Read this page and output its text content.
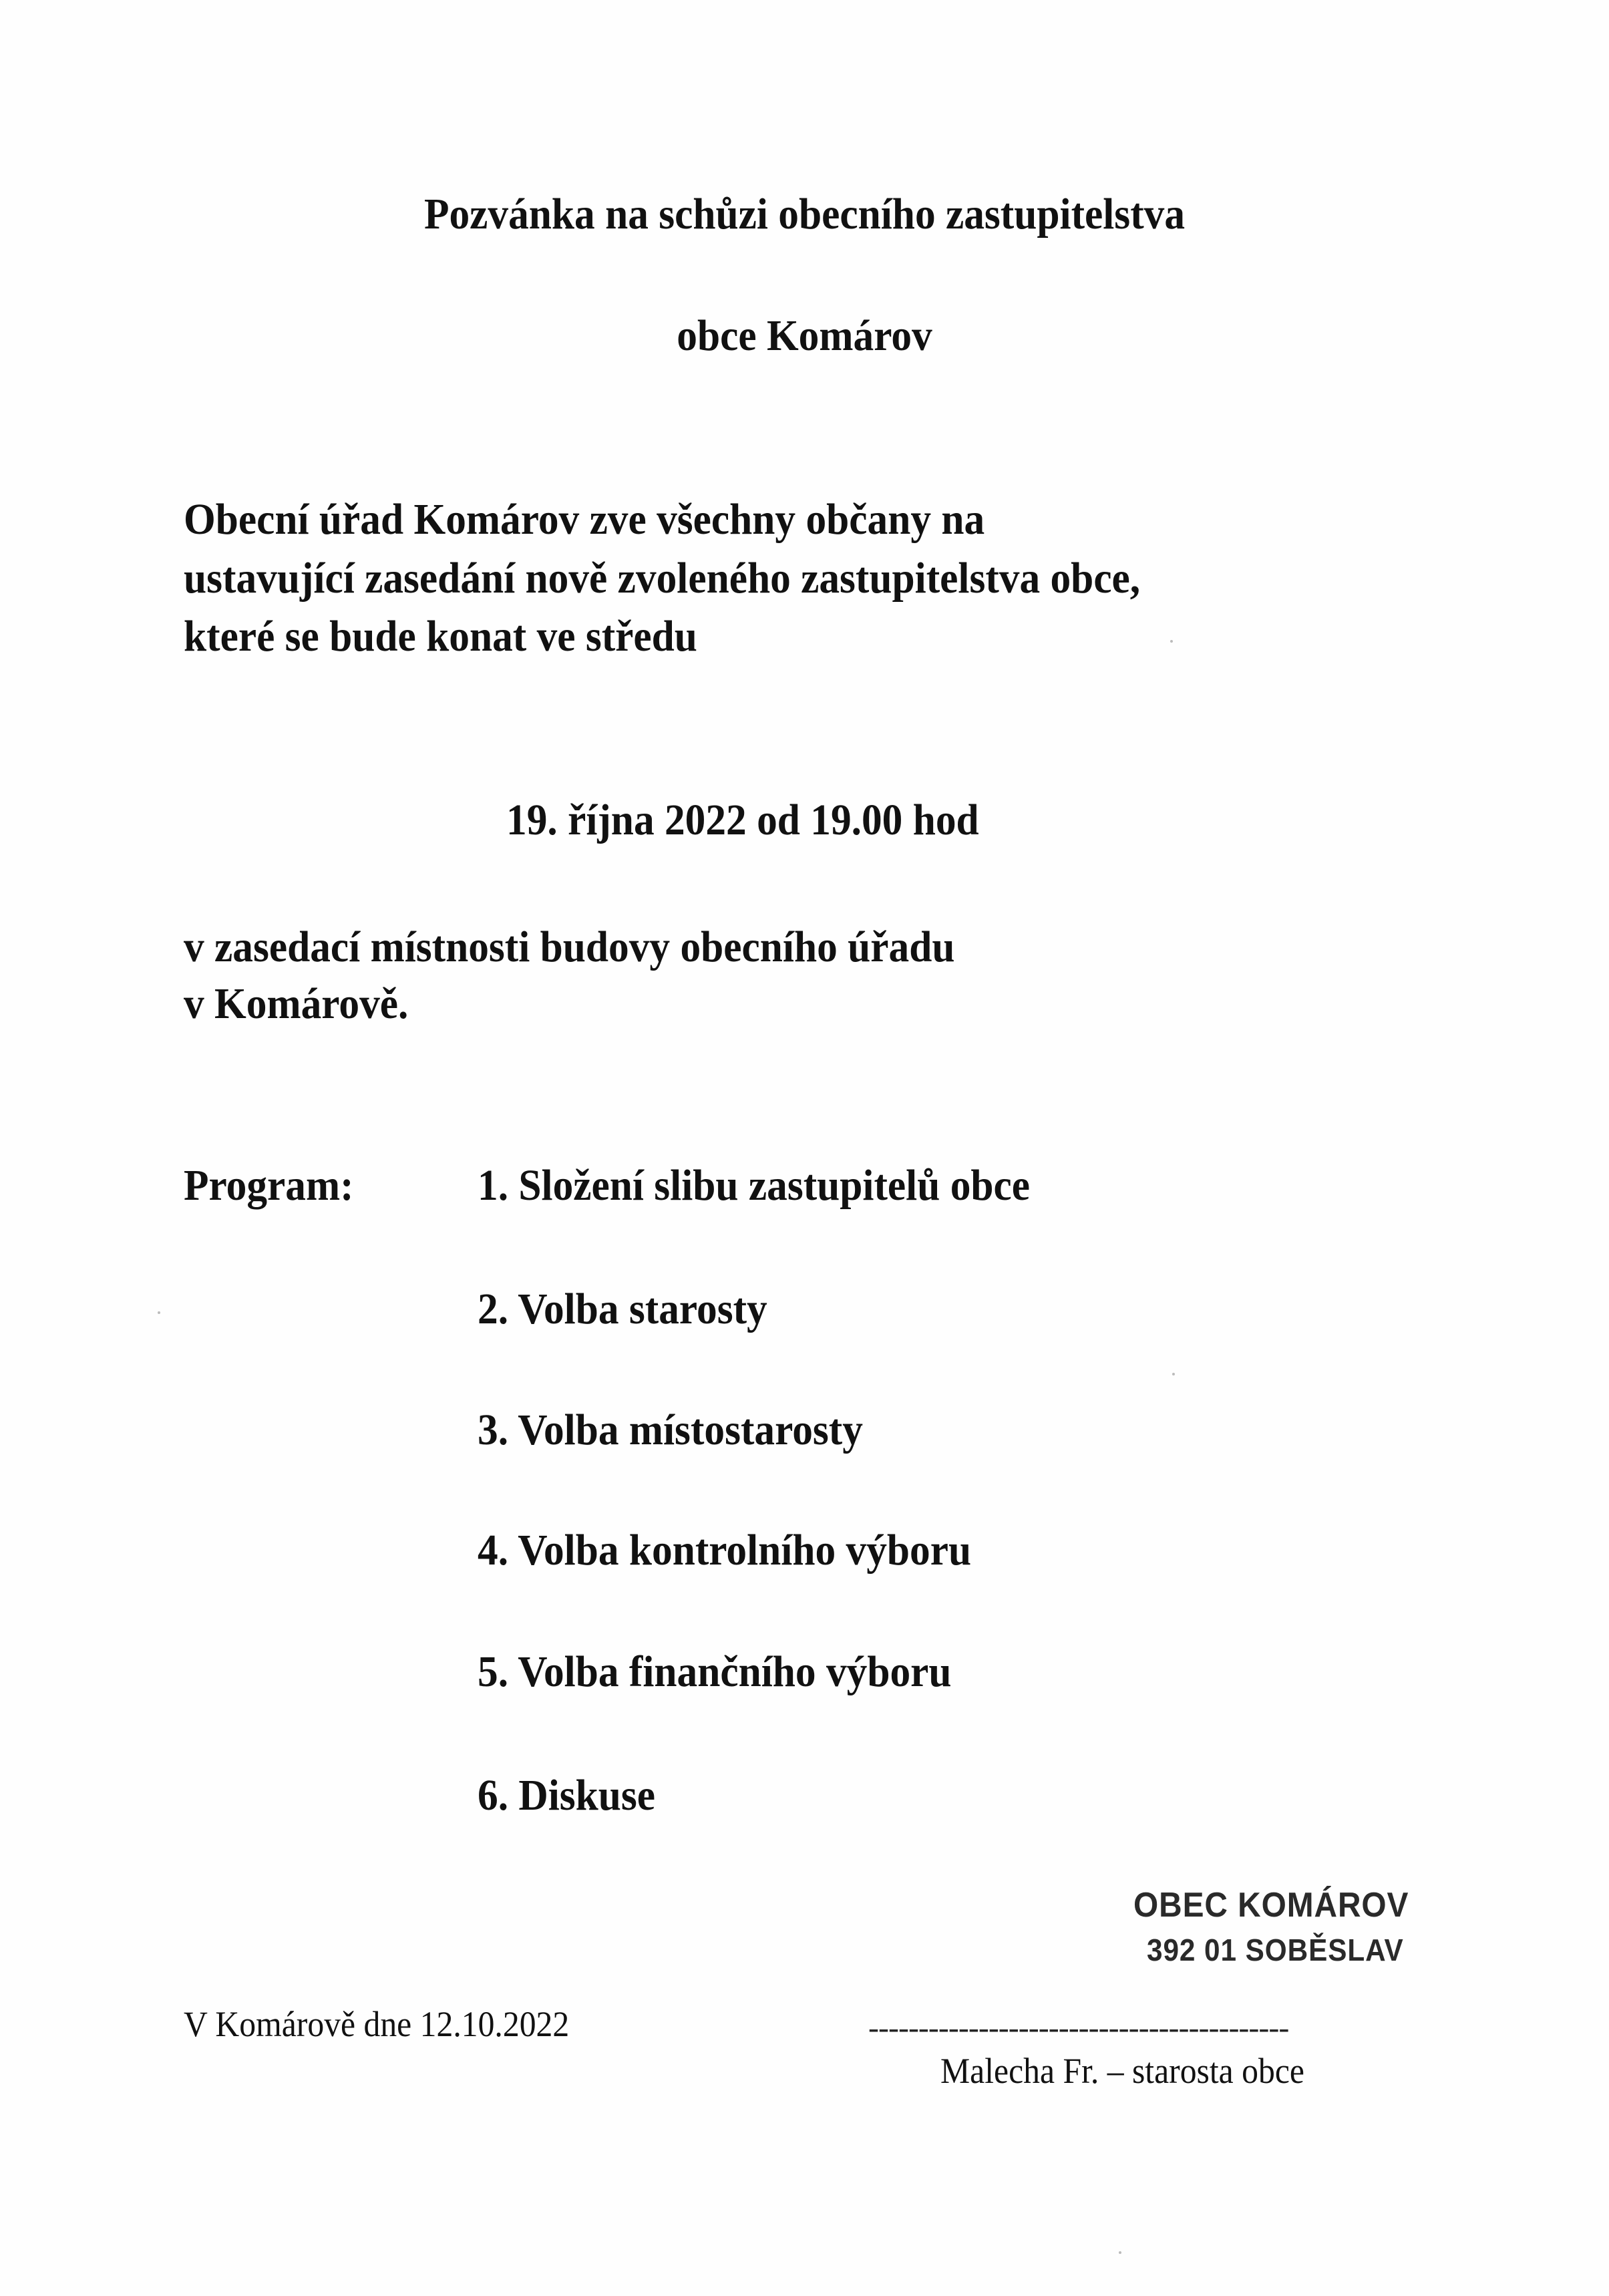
Pozvánka na schůzi obecního zastupitelstva
obce Komárov
Obecní úřad Komárov zve všechny občany na
ustavující zasedání nově zvoleného zastupitelstva obce,
které se bude konat ve středu
19. října 2022 od 19.00 hod
v zasedací místnosti budovy obecního úřadu
v Komárově.
Program:	1. Složení slibu zastupitelů obce
2. Volba starosty
3. Volba místostarosty
4. Volba kontrolního výboru
5. Volba finančního výboru
6. Diskuse
OBEC KOMÁROV
392 01 SOBĚSLAV
V Komárově dne 12.10.2022	------------------------------------------
Malecha Fr. – starosta obce
